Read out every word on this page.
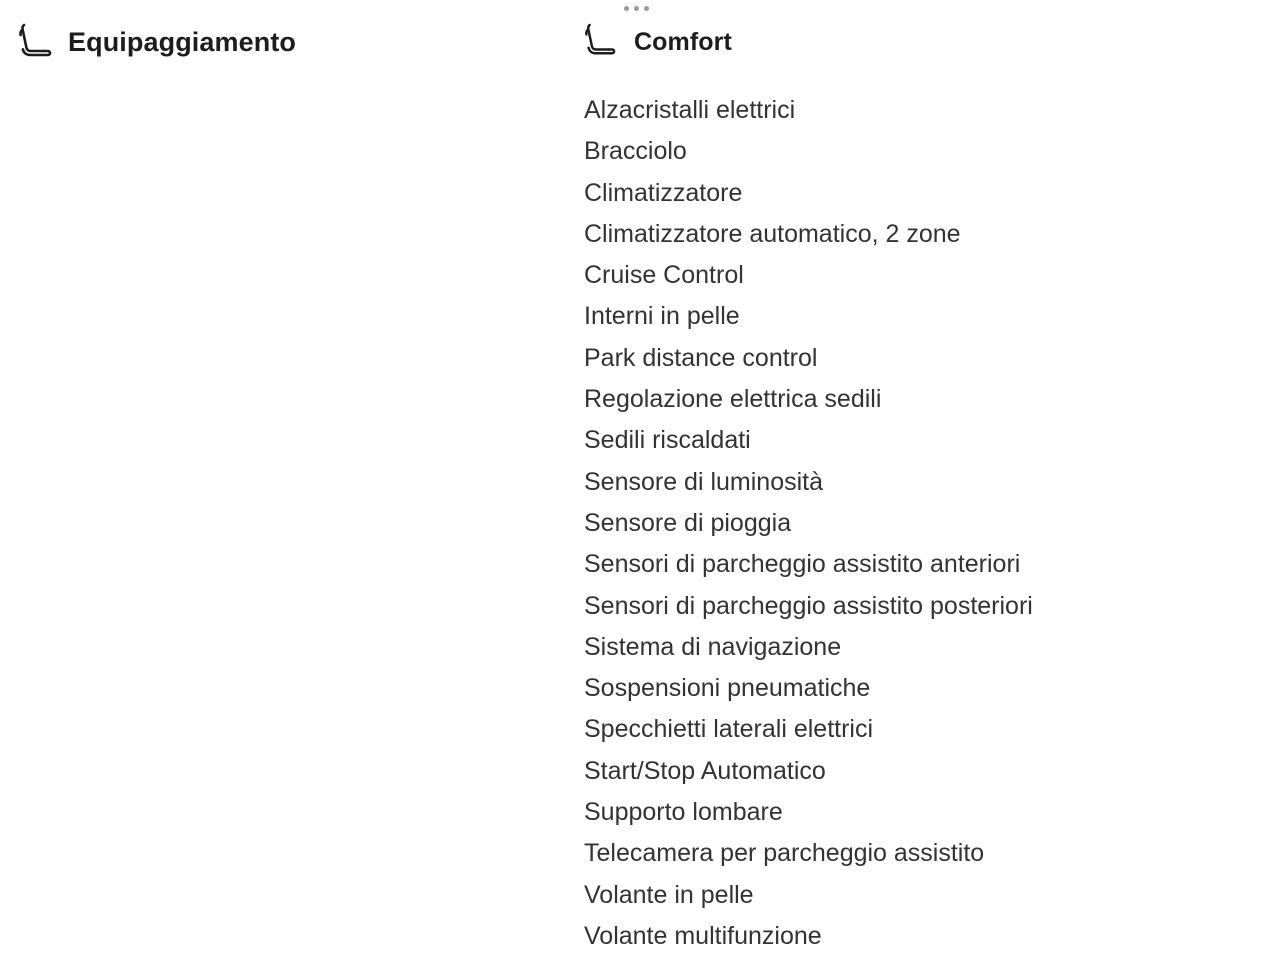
Equipaggiamento	Comfort
Alzacristalli elettrici
Bracciolo
Climatizzatore
Climatizzatore automatico, 2 zone
Cruise Control
Interni in pelle
Park distance control
Regolazione elettrica sedili
Sedili riscaldati
Sensore di luminosità
Sensore di pioggia
Sensori di parcheggio assistito anteriori
Sensori di parcheggio assistito posteriori
Sistema di navigazione
Sospensioni pneumatiche
Specchietti laterali elettrici
Start/Stop Automatico
Supporto lombare
Telecamera per parcheggio assistito
Volante in pelle
Volante multifunzione
